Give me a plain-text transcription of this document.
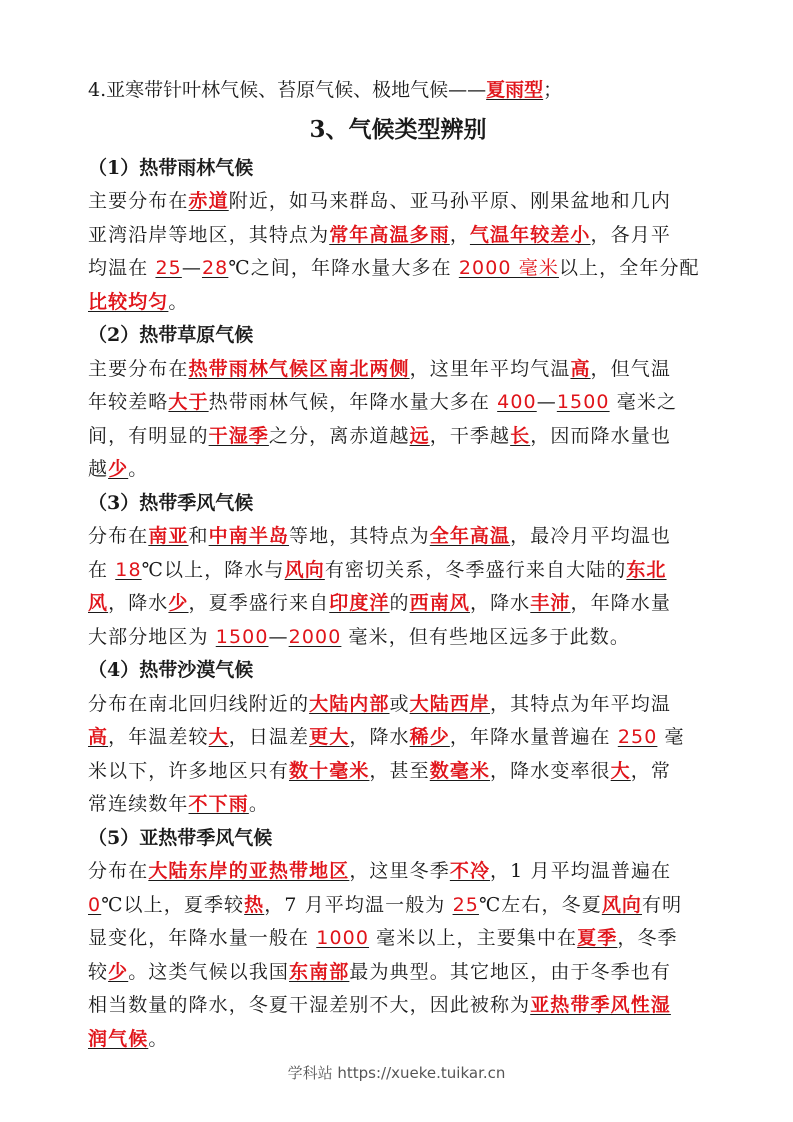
4.亚寒带针叶林气候、苔原气候、极地气候——夏雨型；
3、气候类型辨别
（1）热带雨林气候
主要分布在赤道附近，如马来群岛、亚马孙平原、刚果盆地和几内
亚湾沿岸等地区，其特点为常年高温多雨，气温年较差小，各月平
均温在 25—28℃之间，年降水量大多在 2000 毫米以上，全年分配
比较均匀。
（2）热带草原气候
主要分布在热带雨林气候区南北两侧，这里年平均气温高，但气温
年较差略大于热带雨林气候，年降水量大多在 400—1500 毫米之
间，有明显的干湿季之分，离赤道越远，干季越长，因而降水量也
越少。
（3）热带季风气候
分布在南亚和中南半岛等地，其特点为全年高温，最冷月平均温也
在 18℃以上，降水与风向有密切关系，冬季盛行来自大陆的东北
风，降水少，夏季盛行来自印度洋的西南风，降水丰沛，年降水量
大部分地区为 1500—2000 毫米，但有些地区远多于此数。
（4）热带沙漠气候
分布在南北回归线附近的大陆内部或大陆西岸，其特点为年平均温
高，年温差较大，日温差更大，降水稀少，年降水量普遍在 250 毫
米以下，许多地区只有数十毫米，甚至数毫米，降水变率很大，常
常连续数年不下雨。
（5）亚热带季风气候
分布在大陆东岸的亚热带地区，这里冬季不冷，1 月平均温普遍在
0℃以上，夏季较热，7 月平均温一般为 25℃左右，冬夏风向有明
显变化，年降水量一般在 1000 毫米以上，主要集中在夏季，冬季
较少。这类气候以我国东南部最为典型。其它地区，由于冬季也有
相当数量的降水，冬夏干湿差别不大，因此被称为亚热带季风性湿
润气候。
学科站 https://xueke.tuikar.cn
